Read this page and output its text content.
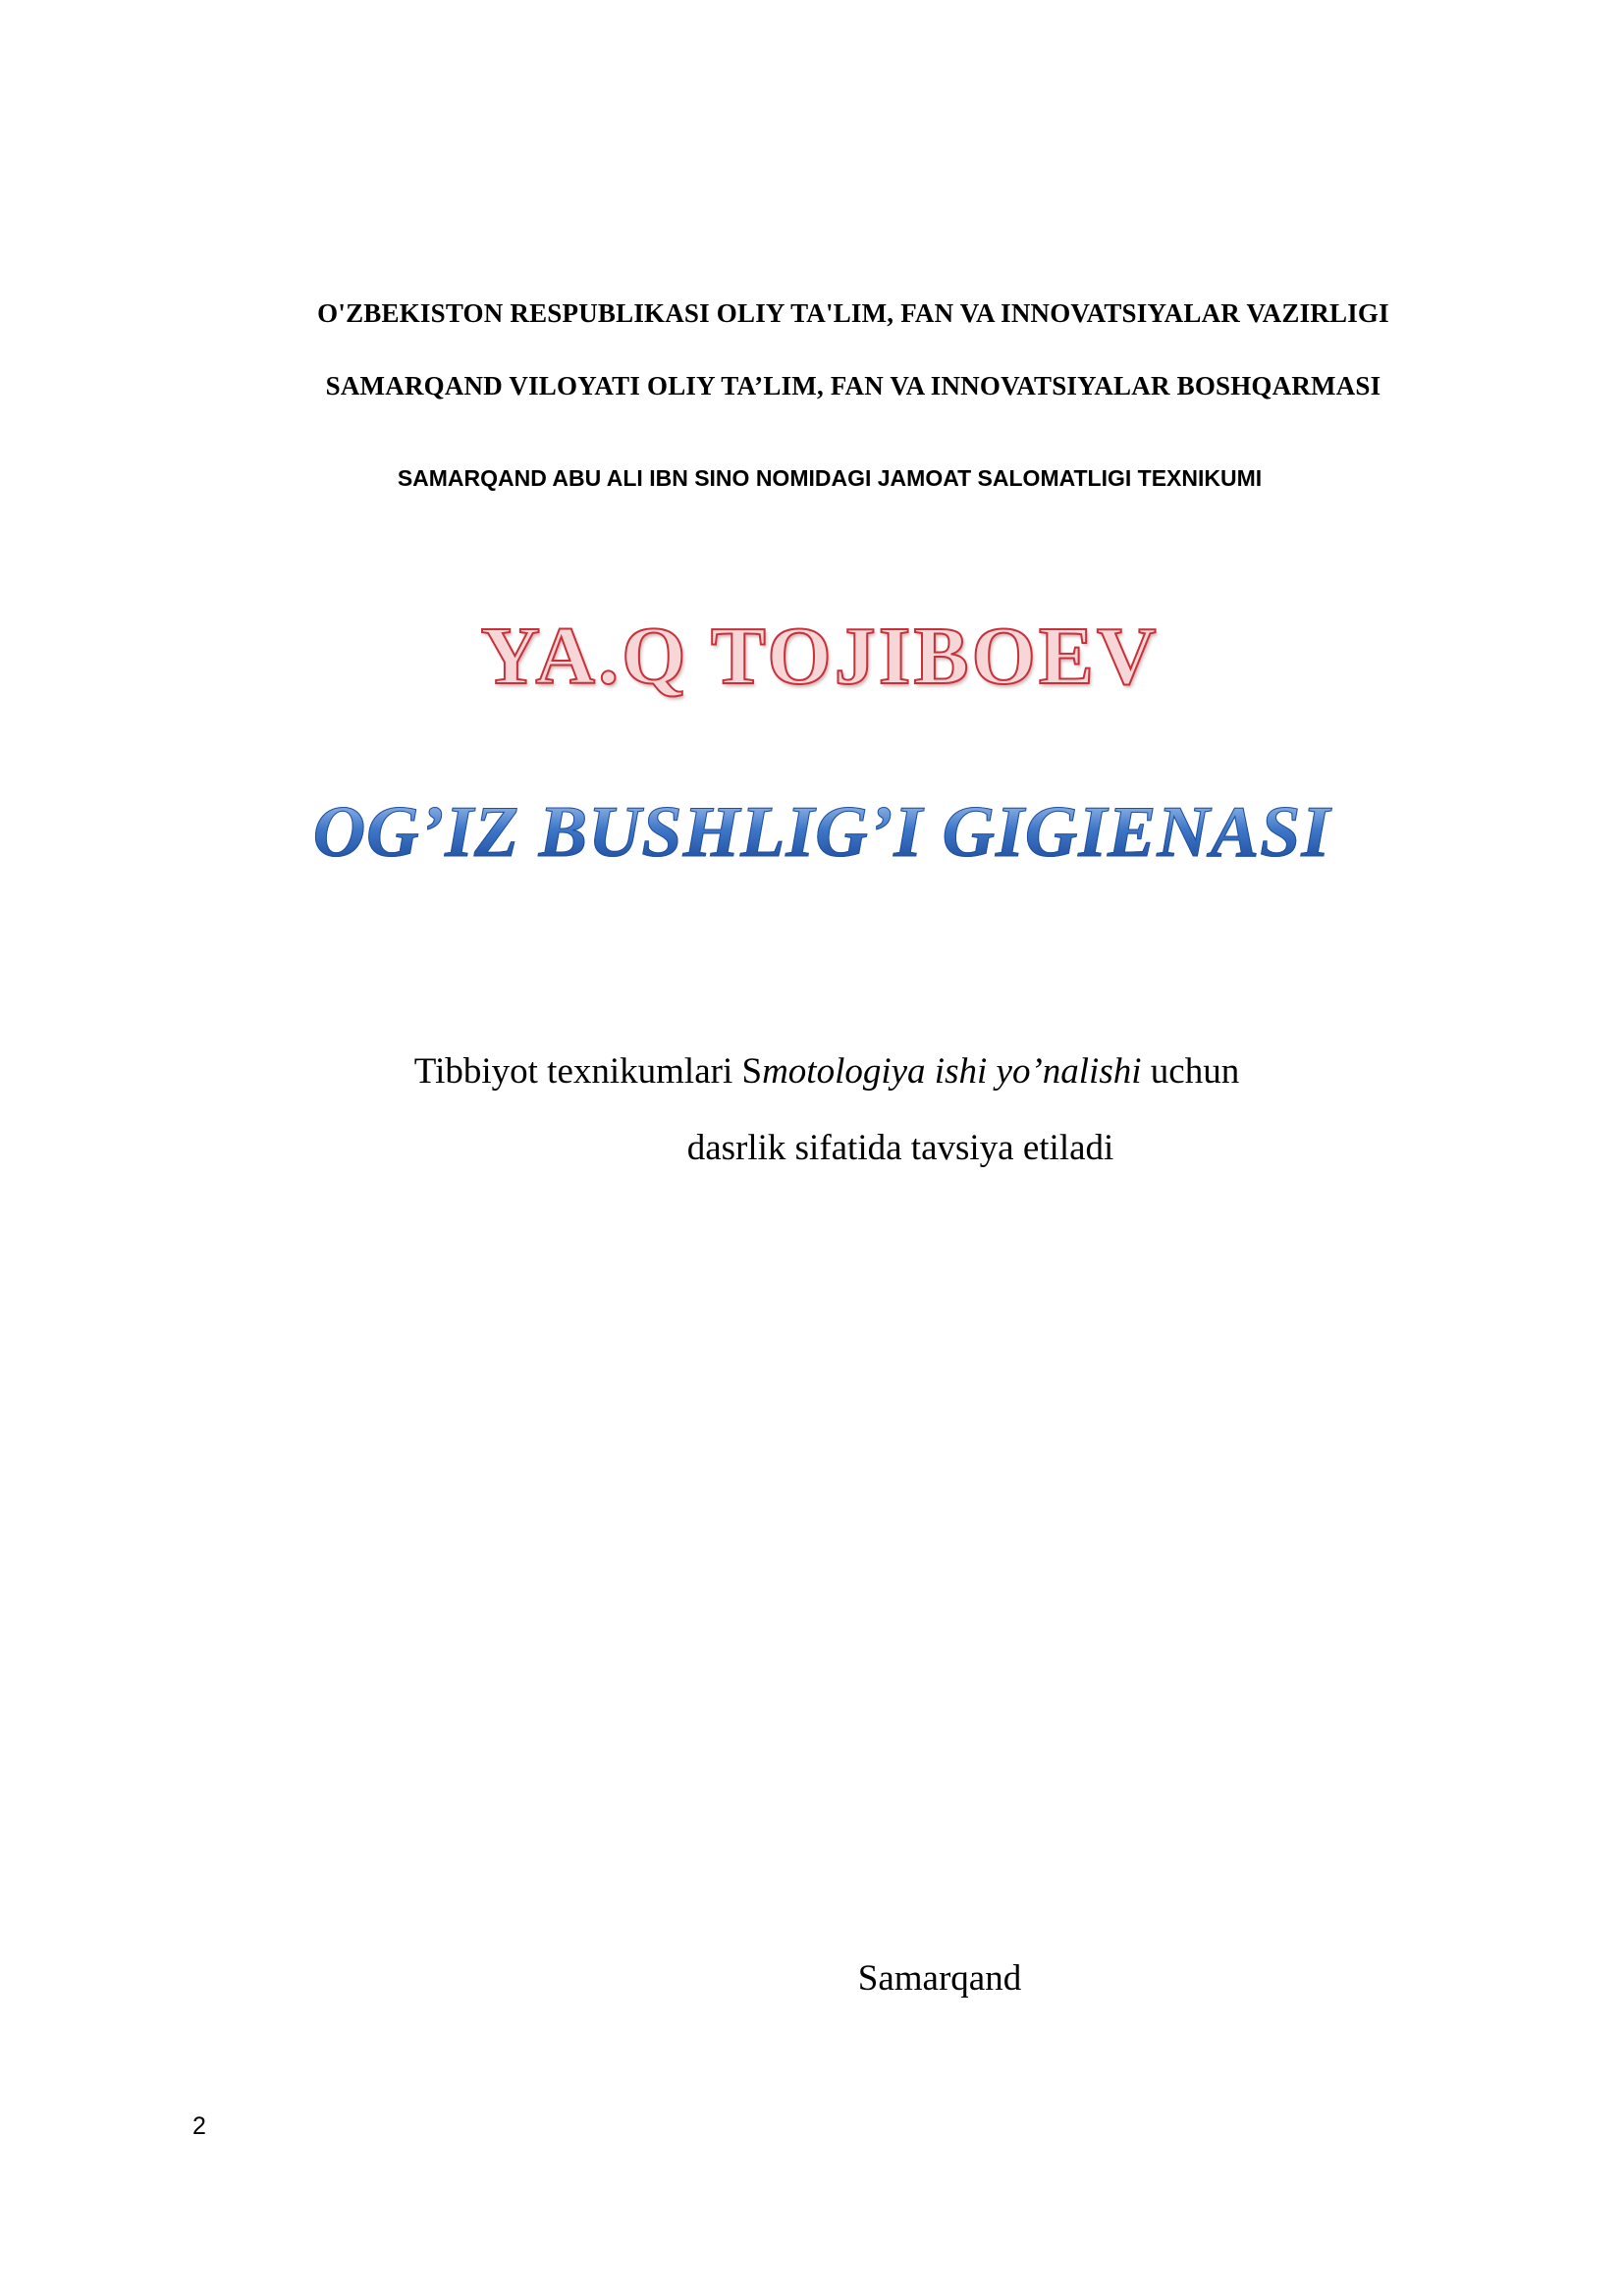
O'ZBEKISTON RESPUBLIKASI OLIY TA'LIM, FAN VA INNOVATSIYALAR VAZIRLIGI

SAMARQAND VILOYATI OLIY TA’LIM, FAN VA INNOVATSIYALAR BOSHQARMASI

SAMARQAND ABU ALI IBN SINO NOMIDAGI JAMOAT SALOMATLIGI TEXNIKUMI

YA.Q TOJIBOEV
OG’IZ BUSHLIG’I GIGIENASI

Tibbiyot texnikumlari Smotologiya ishi yo’nalishi uchun

dasrlik sifatida tavsiya etiladi

Samarqand

2
